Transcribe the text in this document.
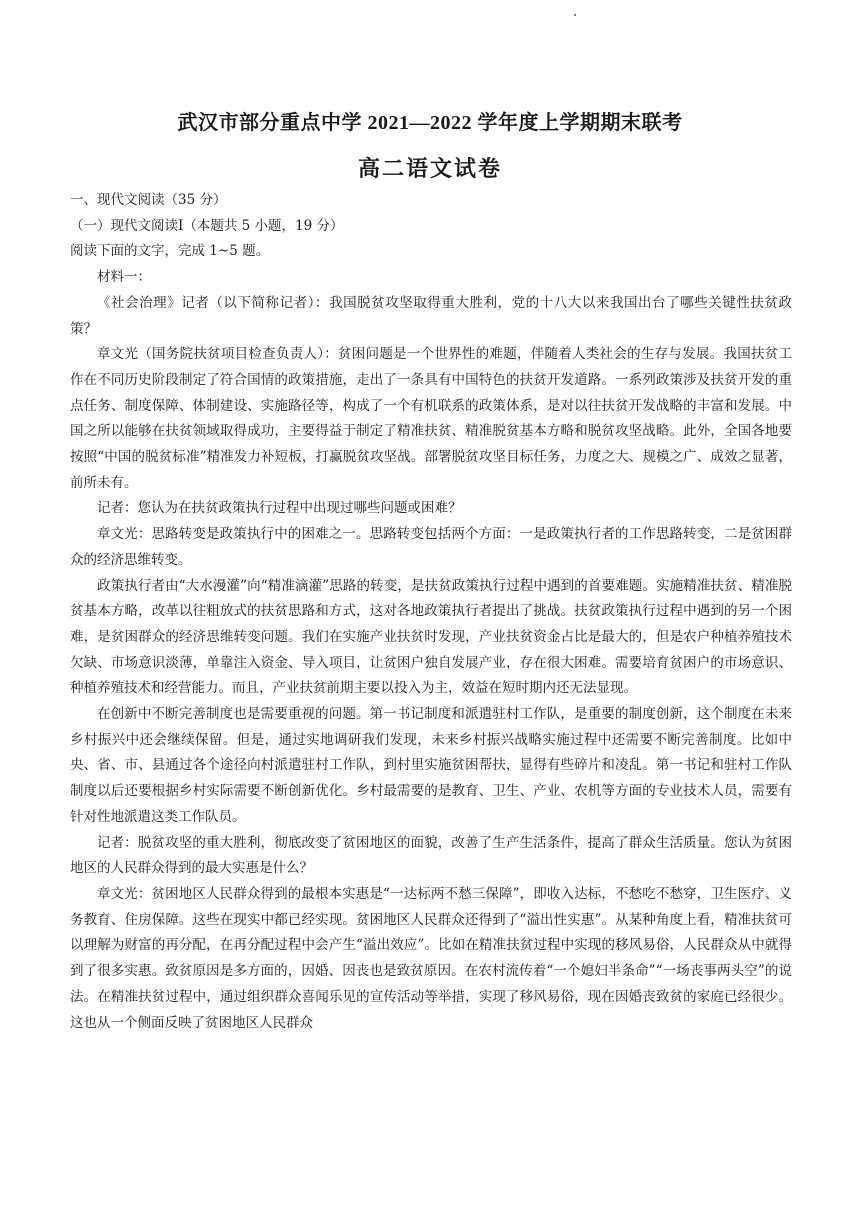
武汉市部分重点中学 2021—2022 学年度上学期期末联考
高二语文试卷

一、现代文阅读（35 分）

（一）现代文阅读Ⅰ（本题共 5 小题，19 分）

阅读下面的文字，完成 1~5 题。

材料一：

《社会治理》记者（以下简称记者）：我国脱贫攻坚取得重大胜利，党的十八大以来我国出台了哪些关键性扶贫政策？

章文光（国务院扶贫项目检查负责人）：贫困问题是一个世界性的难题，伴随着人类社会的生存与发展。我国扶贫工作在不同历史阶段制定了符合国情的政策措施，走出了一条具有中国特色的扶贫开发道路。一系列政策涉及扶贫开发的重点任务、制度保障、体制建设、实施路径等，构成了一个有机联系的政策体系，是对以往扶贫开发战略的丰富和发展。中国之所以能够在扶贫领域取得成功，主要得益于制定了精准扶贫、精准脱贫基本方略和脱贫攻坚战略。此外，全国各地要按照“中国的脱贫标准”精准发力补短板，打赢脱贫攻坚战。部署脱贫攻坚目标任务，力度之大、规模之广、成效之显著，前所未有。

记者：您认为在扶贫政策执行过程中出现过哪些问题或困难？

章文光：思路转变是政策执行中的困难之一。思路转变包括两个方面：一是政策执行者的工作思路转变，二是贫困群众的经济思维转变。

政策执行者由“大水漫灌”向“精准滴灌”思路的转变，是扶贫政策执行过程中遇到的首要难题。实施精准扶贫、精准脱贫基本方略，改革以往粗放式的扶贫思路和方式，这对各地政策执行者提出了挑战。扶贫政策执行过程中遇到的另一个困难，是贫困群众的经济思维转变问题。我们在实施产业扶贫时发现，产业扶贫资金占比是最大的，但是农户种植养殖技术欠缺、市场意识淡薄，单靠注入资金、导入项目，让贫困户独自发展产业，存在很大困难。需要培育贫困户的市场意识、种植养殖技术和经营能力。而且，产业扶贫前期主要以投入为主，效益在短时期内还无法显现。

在创新中不断完善制度也是需要重视的问题。第一书记制度和派遣驻村工作队，是重要的制度创新，这个制度在未来乡村振兴中还会继续保留。但是，通过实地调研我们发现，未来乡村振兴战略实施过程中还需要不断完善制度。比如中央、省、市、县通过各个途径向村派遣驻村工作队，到村里实施贫困帮扶，显得有些碎片和凌乱。第一书记和驻村工作队制度以后还要根据乡村实际需要不断创新优化。乡村最需要的是教育、卫生、产业、农机等方面的专业技术人员，需要有针对性地派遣这类工作队员。

记者：脱贫攻坚的重大胜利，彻底改变了贫困地区的面貌，改善了生产生活条件，提高了群众生活质量。您认为贫困地区的人民群众得到的最大实惠是什么？

章文光：贫困地区人民群众得到的最根本实惠是“一达标两不愁三保障”，即收入达标，不愁吃不愁穿，卫生医疗、义务教育、住房保障。这些在现实中都已经实现。贫困地区人民群众还得到了“溢出性实惠”。从某种角度上看，精准扶贫可以理解为财富的再分配，在再分配过程中会产生“溢出效应”。比如在精准扶贫过程中实现的移风易俗，人民群众从中就得到了很多实惠。致贫原因是多方面的，因婚、因丧也是致贫原因。在农村流传着“一个媳妇半条命”“一场丧事两头空”的说法。在精准扶贫过程中，通过组织群众喜闻乐见的宣传活动等举措，实现了移风易俗，现在因婚丧致贫的家庭已经很少。这也从一个侧面反映了贫困地区人民群众
